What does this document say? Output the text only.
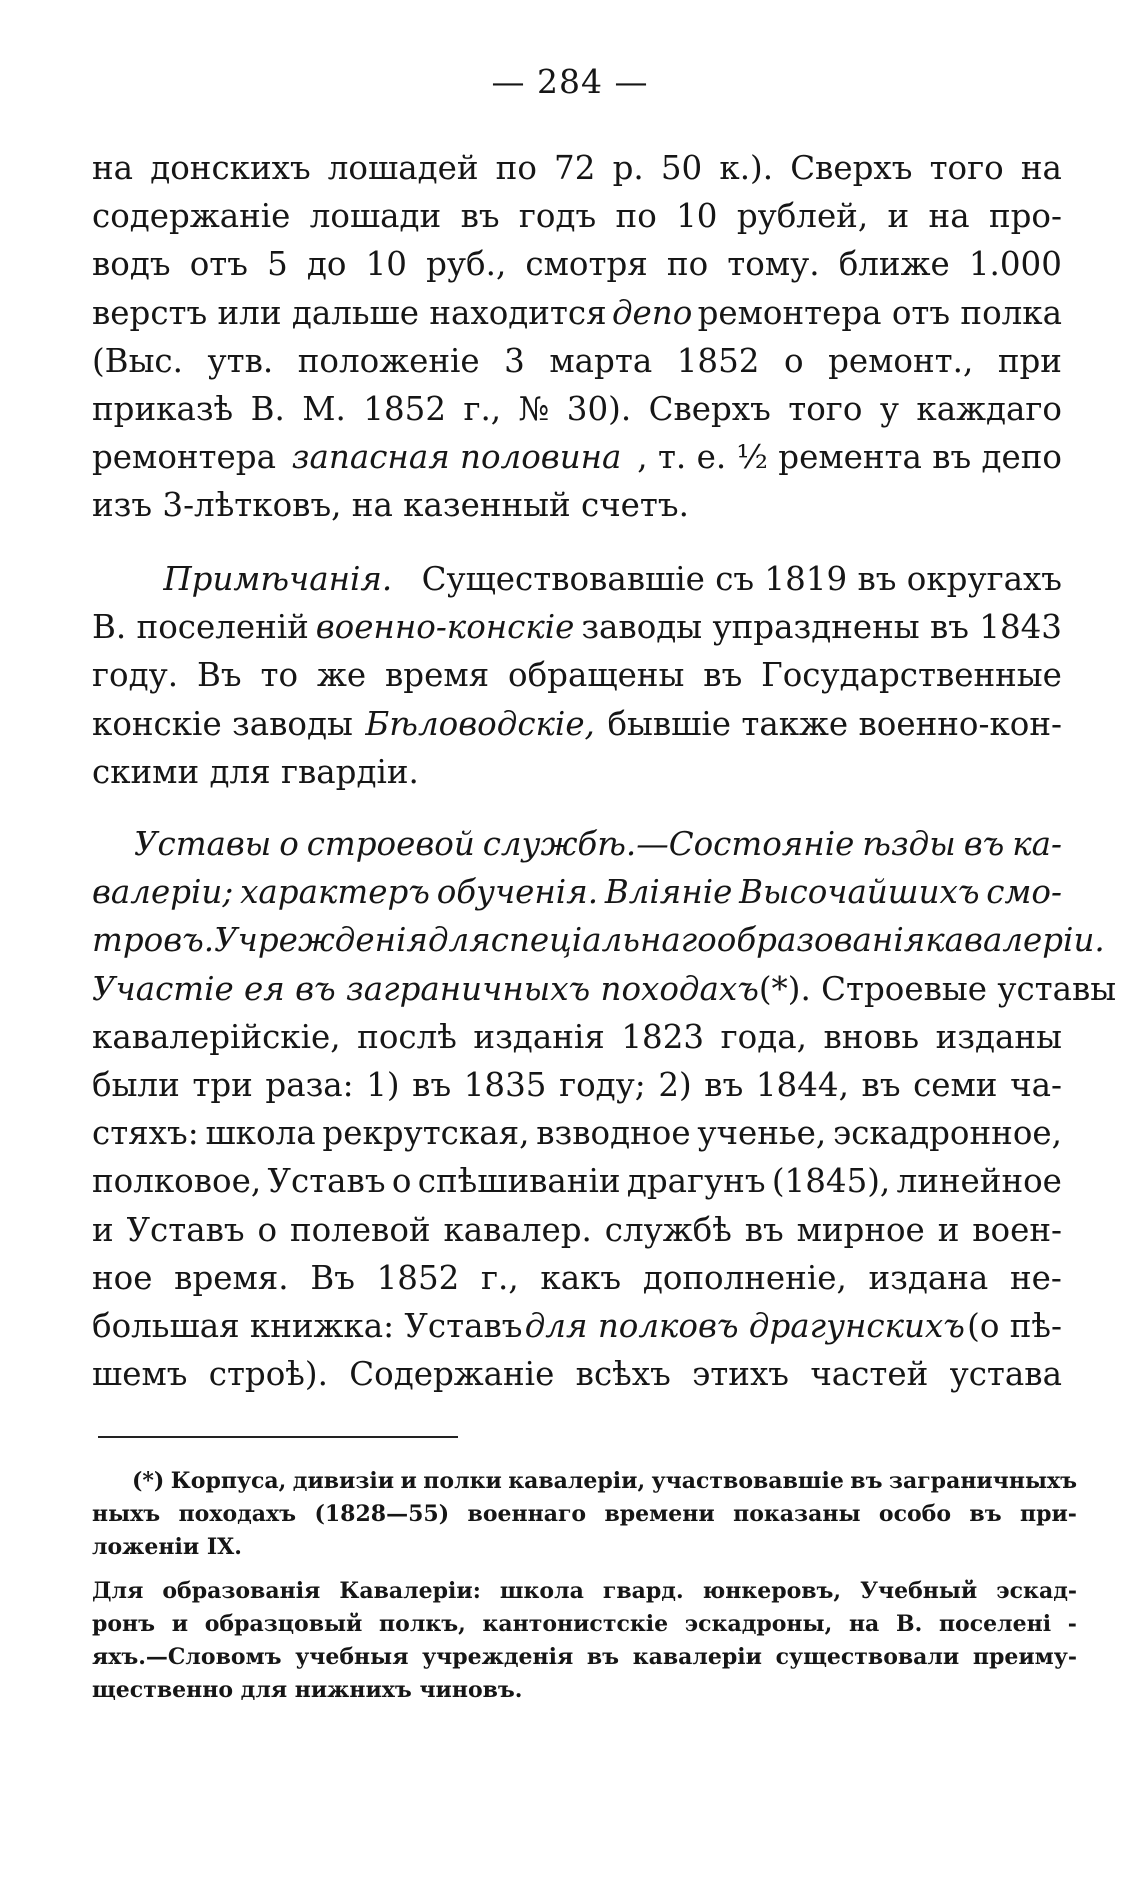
— 284 —
на донскихъ лошадей по 72 р. 50 к.). Сверхъ того на
содержаніе лошади въ годъ по 10 рублей, и на про-
водъ отъ 5 до 10 руб., смотря по тому. ближе 1.000
верстъ или дальше находится депо ремонтера отъ полка
(Выс. утв. положеніе 3 марта 1852 о ремонт., при
приказѣ В. М. 1852 г., № 30). Сверхъ того у каждаго
ремонтера запасная половина , т. е. ½ ремента въ депо
изъ 3-лѣтковъ, на казенный счетъ.
Примѣчанія. Существовавшіе съ 1819 въ округахъ
В. поселеній военно-конскіе заводы упразднены въ 1843
году. Въ то же время обращены въ Государственные
конскіе заводы Бѣловодскіе, бывшіе также военно-кон-
скими для гвардіи.
Уставы о строевой службѣ.—Состояніе ѣзды въ ка-
валеріи; характеръ обученія. Вліяніе Высочайшихъ смо-
тровъ. Учрежденія для спеціальнаго образованія кавалеріи.
Участіе ея въ заграничныхъ походахъ (*). Строевые уставы
кавалерійскіе, послѣ изданія 1823 года, вновь изданы
были три раза: 1) въ 1835 году; 2) въ 1844, въ семи ча-
стяхъ: школа рекрутская, взводное ученье, эскадронное,
полковое, Уставъ о спѣшиваніи драгунъ (1845), линейное
и Уставъ о полевой кавалер. службѣ въ мирное и воен-
ное время. Въ 1852 г., какъ дополненіе, издана не-
большая книжка: Уставъ для полковъ драгунскихъ (о пѣ-
шемъ строѣ). Содержаніе всѣхъ этихъ частей устава
(*) Корпуса, дивизіи и полки кавалеріи, участвовавшіе въ заграничныхъ
ныхъ походахъ (1828—55) военнаго времени показаны особо въ при-
ложеніи IX.
Для образованія Кавалеріи: школа гвард. юнкеровъ, Учебный эскад-
ронъ и образцовый полкъ, кантонистскіе эскадроны, на В. поселені -
яхъ.—Словомъ учебныя учрежденія въ кавалеріи существовали преиму-
щественно для нижнихъ чиновъ.
